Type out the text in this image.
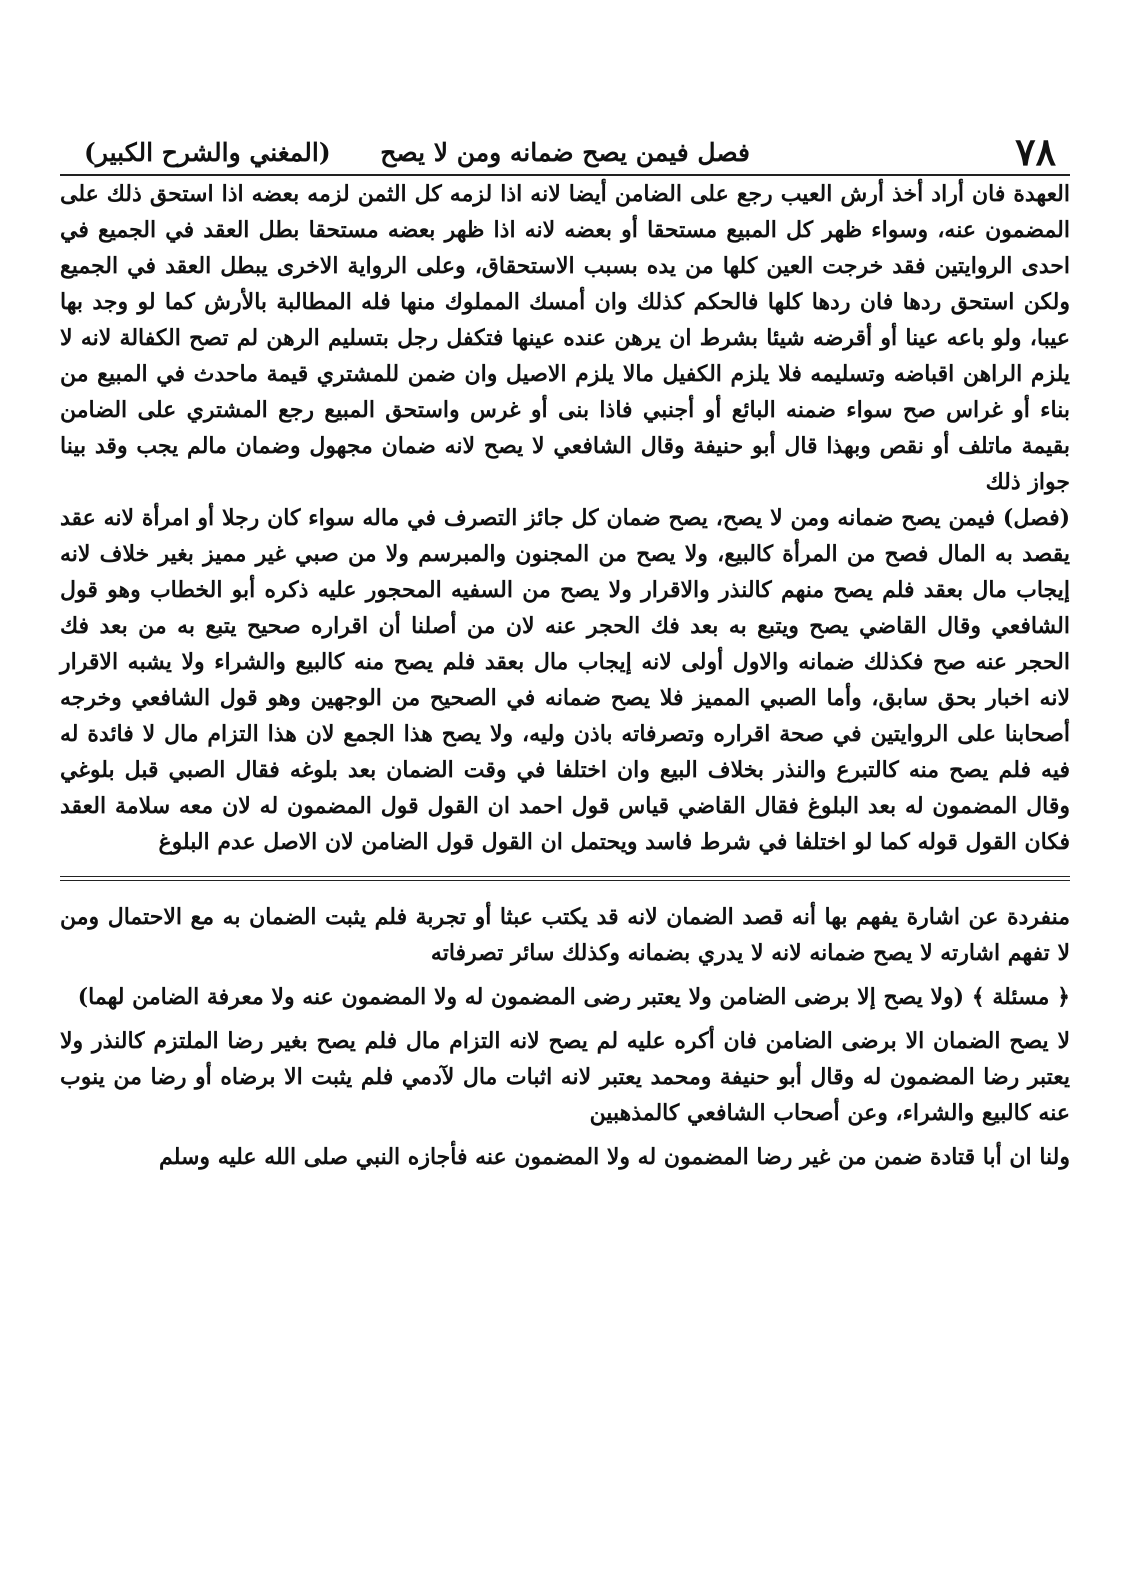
٧٨
فصل فيمن يصح ضمانه ومن لا يصح
(المغني والشرح الكبير)

العهدة فان أراد أخذ أرش العيب رجع على الضامن أيضا لانه اذا لزمه كل الثمن لزمه بعضه اذا استحق ذلك على المضمون عنه، وسواء ظهر كل المبيع مستحقا أو بعضه لانه اذا ظهر بعضه مستحقا بطل العقد في الجميع في احدى الروايتين فقد خرجت العين كلها من يده بسبب الاستحقاق، وعلى الرواية الاخرى يبطل العقد في الجميع ولكن استحق ردها فان ردها كلها فالحكم كذلك وان أمسك المملوك منها فله المطالبة بالأرش كما لو وجد بها عيبا، ولو باعه عينا أو أقرضه شيئا بشرط ان يرهن عنده عينها فتكفل رجل بتسليم الرهن لم تصح الكفالة لانه لا يلزم الراهن اقباضه وتسليمه فلا يلزم الكفيل مالا يلزم الاصيل وان ضمن للمشتري قيمة ماحدث في المبيع من بناء أو غراس صح سواء ضمنه البائع أو أجنبي فاذا بنى أو غرس واستحق المبيع رجع المشتري على الضامن بقيمة ماتلف أو نقص وبهذا قال أبو حنيفة وقال الشافعي لا يصح لانه ضمان مجهول وضمان مالم يجب وقد بينا جواز ذلك

(فصل) فيمن يصح ضمانه ومن لا يصح، يصح ضمان كل جائز التصرف في ماله سواء كان رجلا أو امرأة لانه عقد يقصد به المال فصح من المرأة كالبيع، ولا يصح من المجنون والمبرسم ولا من صبي غير مميز بغير خلاف لانه إيجاب مال بعقد فلم يصح منهم كالنذر والاقرار ولا يصح من السفيه المحجور عليه ذكره أبو الخطاب وهو قول الشافعي وقال القاضي يصح ويتبع به بعد فك الحجر عنه لان من أصلنا أن اقراره صحيح يتبع به من بعد فك الحجر عنه صح فكذلك ضمانه والاول أولى لانه إيجاب مال بعقد فلم يصح منه كالبيع والشراء ولا يشبه الاقرار لانه اخبار بحق سابق، وأما الصبي المميز فلا يصح ضمانه في الصحيح من الوجهين وهو قول الشافعي وخرجه أصحابنا على الروايتين في صحة اقراره وتصرفاته باذن وليه، ولا يصح هذا الجمع لان هذا التزام مال لا فائدة له فيه فلم يصح منه كالتبرع والنذر بخلاف البيع وان اختلفا في وقت الضمان بعد بلوغه فقال الصبي قبل بلوغي وقال المضمون له بعد البلوغ فقال القاضي قياس قول احمد ان القول قول المضمون له لان معه سلامة العقد فكان القول قوله كما لو اختلفا في شرط فاسد ويحتمل ان القول قول الضامن لان الاصل عدم البلوغ

منفردة عن اشارة يفهم بها أنه قصد الضمان لانه قد يكتب عبثا أو تجربة فلم يثبت الضمان به مع الاحتمال ومن لا تفهم اشارته لا يصح ضمانه لانه لا يدري بضمانه وكذلك سائر تصرفاته

﴿ مسئلة ﴾ (ولا يصح إلا برضى الضامن ولا يعتبر رضى المضمون له ولا المضمون عنه ولا معرفة الضامن لهما)

لا يصح الضمان الا برضى الضامن فان أكره عليه لم يصح لانه التزام مال فلم يصح بغير رضا الملتزم كالنذر ولا يعتبر رضا المضمون له وقال أبو حنيفة ومحمد يعتبر لانه اثبات مال لآدمي فلم يثبت الا برضاه أو رضا من ينوب عنه كالبيع والشراء، وعن أصحاب الشافعي كالمذهبين

ولنا ان أبا قتادة ضمن من غير رضا المضمون له ولا المضمون عنه فأجازه النبي صلى الله عليه وسلم
